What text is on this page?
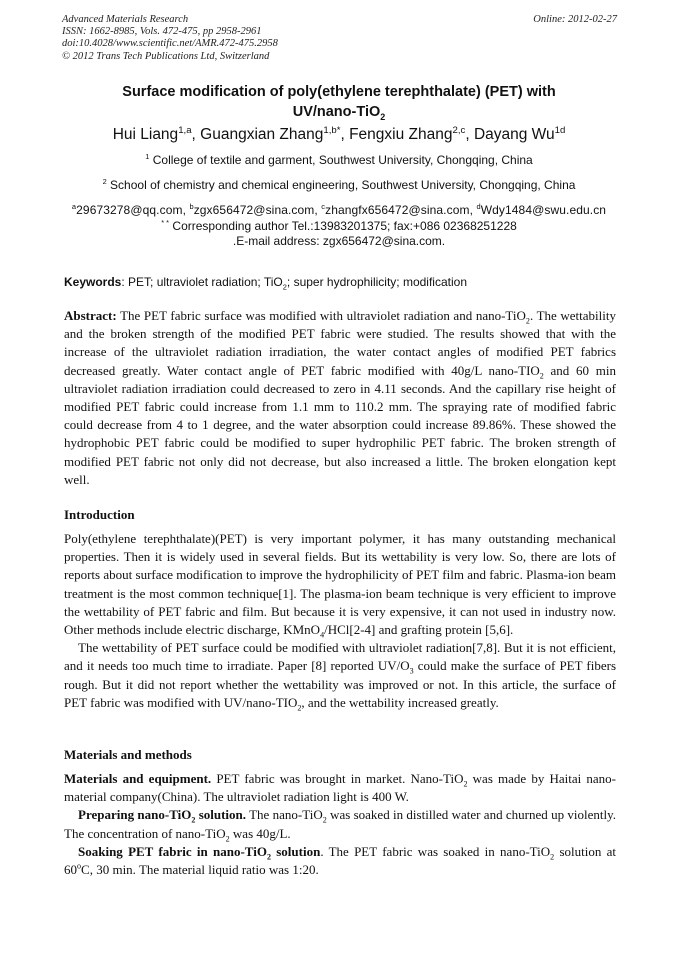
Advanced Materials Research
ISSN: 1662-8985, Vols. 472-475, pp 2958-2961
doi:10.4028/www.scientific.net/AMR.472-475.2958
© 2012 Trans Tech Publications Ltd, Switzerland
Online: 2012-02-27
Surface modification of poly(ethylene terephthalate) (PET) with
UV/nano-TiO$_2$
Hui Liang$^{1,a}$, Guangxian Zhang$^{1,b*}$, Fengxiu Zhang$^{2,c}$, Dayang $Wu^{1d}$
$^1$ College of textile and garment, Southwest University, Chongqing, China
$^2$ School of chemistry and chemical engineering, Southwest University, Chongqing, China
$^a$29673278@qq.com, $^b$zgx656472@sina.com, $^c$zhangfx656472@sina.com, $^d$Wdy1484@swu.edu.cn
* * Corresponding author Tel.:13983201375; fax:+086 02368251228
.E-mail address: zgx656472@sina.com.
Keywords: PET; ultraviolet radiation; TiO$_2$; super hydrophilicity; modification

Abstract: The PET fabric surface was modified with ultraviolet radiation and nano-TiO$_2$. The wettability and the broken strength of the modified PET fabric were studied. The results showed that with the increase of the ultraviolet radiation irradiation, the water contact angles of modified PET fabrics decreased greatly. Water contact angle of PET fabric modified with 40g/L nano-$TIO_2$ and 60 min ultraviolet radiation irradiation could decreased to zero in 4.11 seconds. And the capillary rise height of modified PET fabric could increase from 1.1 mm to 110.2 mm. The spraying rate of modified fabric could decrease from 4 to 1 degree, and the water absorption could increase 89.86%. These showed the hydrophobic PET fabric could be modified to super hydrophilic PET fabric. The broken strength of modified PET fabric not only did not decrease, but also increased a little. The broken elongation kept well.

Introduction

Poly(ethylene terephthalate)(PET) is very important polymer, it has many outstanding mechanical properties. Then it is widely used in several fields. But its wettability is very low. So, there are lots of reports about surface modification to improve the hydrophilicity of PET film and fabric. Plasma-ion beam treatment is the most common technique[1]. The plasma-ion beam technique is very efficient to improve the wettability of PET fabric and film. But because it is very expensive, it can not used in industry now. Other methods include electric discharge, KMnO$_4$/HCl[2-4] and grafting protein [5,6].

The wettability of PET surface could be modified with ultraviolet radiation[7,8]. But it is not efficient, and it needs too much time to irradiate. Paper [8] reported $UV/O_3$ could make the surface of PET fibers rough. But it did not report whether the wettability was improved or not. In this article, the surface of PET fabric was modified with $UV/nano-TIO_2$, and the wettability increased greatly.

Materials and methods

Materials and equipment. PET fabric was brought in market. Nano-TiO$_2$ was made by Haitai nano-material company(China). The ultraviolet radiation light is 400 W.

Preparing nano-TiO$_2$ solution. The nano-TiO$_2$ was soaked in distilled water and churned up violently. The concentration of nano-TiO$_2$ was 40g/L.

Soaking PET fabric in nano-TiO$_2$ solution. The PET fabric was soaked in nano-TiO$_2$ solution at 60$^o$C, 30 min. The material liquid ratio was 1:20.
